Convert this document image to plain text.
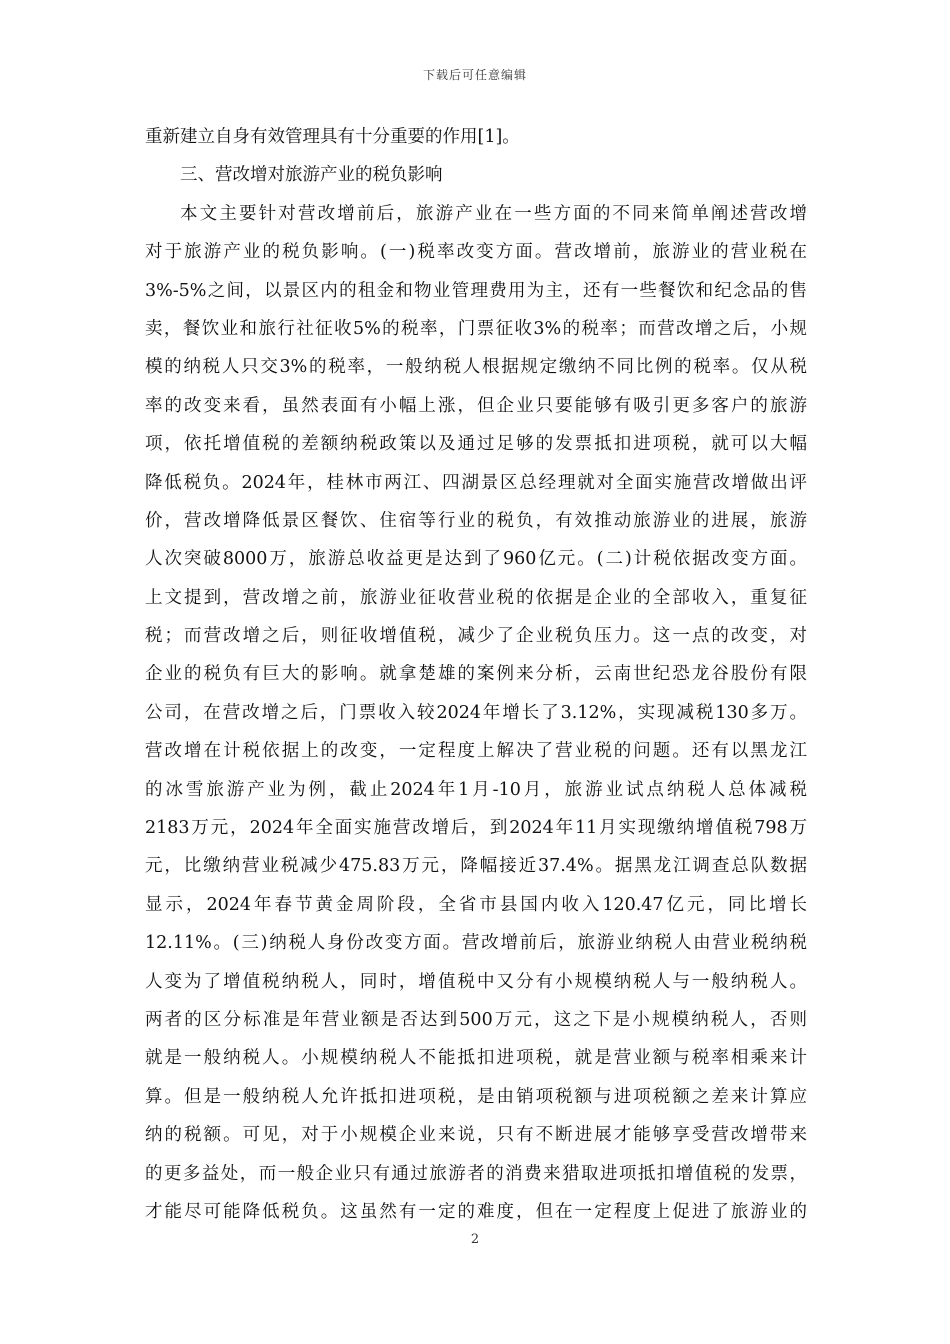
下载后可任意编辑
重新建立自身有效管理具有十分重要的作用[1]。
三、营改增对旅游产业的税负影响
本文主要针对营改增前后，旅游产业在一些方面的不同来简单阐述营改增
对于旅游产业的税负影响。(一)税率改变方面。营改增前，旅游业的营业税在
3%-5%之间，以景区内的租金和物业管理费用为主，还有一些餐饮和纪念品的售
卖，餐饮业和旅行社征收5%的税率，门票征收3%的税率；而营改增之后，小规
模的纳税人只交3%的税率，一般纳税人根据规定缴纳不同比例的税率。仅从税
率的改变来看，虽然表面有小幅上涨，但企业只要能够有吸引更多客户的旅游
项，依托增值税的差额纳税政策以及通过足够的发票抵扣进项税，就可以大幅
降低税负。2024年，桂林市两江、四湖景区总经理就对全面实施营改增做出评
价，营改增降低景区餐饮、住宿等行业的税负，有效推动旅游业的进展，旅游
人次突破8000万，旅游总收益更是达到了960亿元。(二)计税依据改变方面。
上文提到，营改增之前，旅游业征收营业税的依据是企业的全部收入，重复征
税；而营改增之后，则征收增值税，减少了企业税负压力。这一点的改变，对
企业的税负有巨大的影响。就拿楚雄的案例来分析，云南世纪恐龙谷股份有限
公司，在营改增之后，门票收入较2024年增长了3.12%，实现减税130多万。
营改增在计税依据上的改变，一定程度上解决了营业税的问题。还有以黑龙江
的冰雪旅游产业为例，截止2024年1月-10月，旅游业试点纳税人总体减税
2183万元，2024年全面实施营改增后，到2024年11月实现缴纳增值税798万
元，比缴纳营业税减少475.83万元，降幅接近37.4%。据黑龙江调查总队数据
显示，2024年春节黄金周阶段，全省市县国内收入120.47亿元，同比增长
12.11%。(三)纳税人身份改变方面。营改增前后，旅游业纳税人由营业税纳税
人变为了增值税纳税人，同时，增值税中又分有小规模纳税人与一般纳税人。
两者的区分标准是年营业额是否达到500万元，这之下是小规模纳税人，否则
就是一般纳税人。小规模纳税人不能抵扣进项税，就是营业额与税率相乘来计
算。但是一般纳税人允许抵扣进项税，是由销项税额与进项税额之差来计算应
纳的税额。可见，对于小规模企业来说，只有不断进展才能够享受营改增带来
的更多益处，而一般企业只有通过旅游者的消费来猎取进项抵扣增值税的发票，
才能尽可能降低税负。这虽然有一定的难度，但在一定程度上促进了旅游业的
2
